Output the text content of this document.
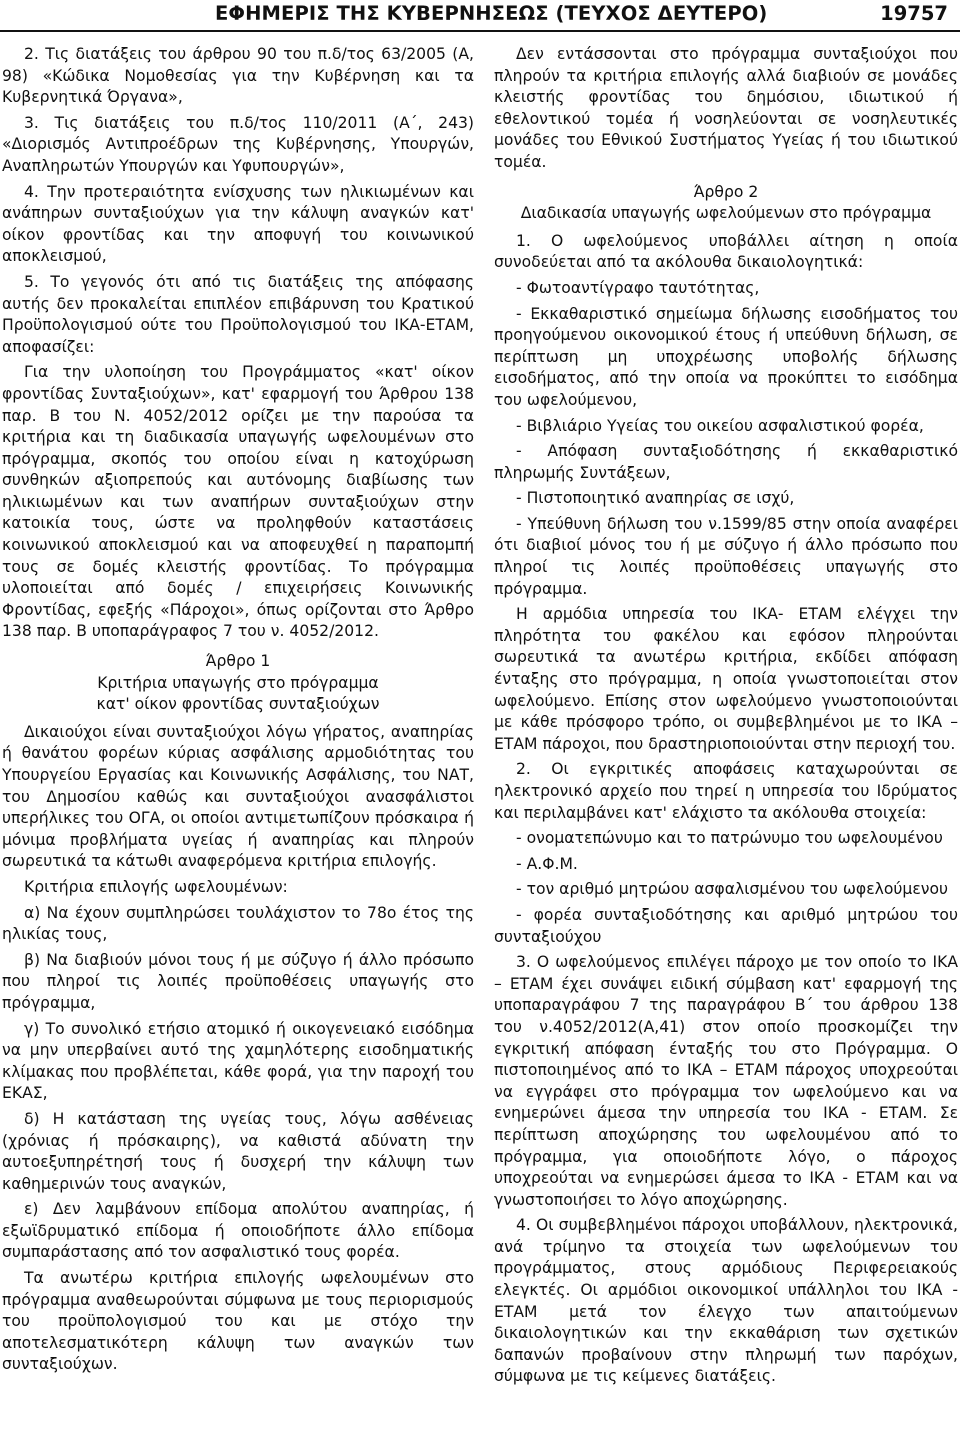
ΕΦΗΜΕΡΙΣ ΤΗΣ ΚΥΒΕΡΝΗΣΕΩΣ (ΤΕΥΧΟΣ ΔΕΥΤΕΡΟ)	19757

2. Τις διατάξεις του άρθρου 90 του π.δ/τος 63/2005 (Α, 98) «Κώδικα Νομοθεσίας για την Κυβέρνηση και τα Κυβερνητικά Όργανα»,

3. Τις διατάξεις του π.δ/τος 110/2011 (Α΄, 243) «Διορισμός Αντιπροέδρων της Κυβέρνησης, Υπουργών, Αναπληρωτών Υπουργών και Υφυπουργών»,

4. Την προτεραιότητα ενίσχυσης των ηλικιωμένων και ανάπηρων συνταξιούχων για την κάλυψη αναγκών κατ' οίκον φροντίδας και την αποφυγή του κοινωνικού αποκλεισμού,

5. Το γεγονός ότι από τις διατάξεις της απόφασης αυτής δεν προκαλείται επιπλέον επιβάρυνση του Κρατικού Προϋπολογισμού ούτε του Προϋπολογισμού του ΙΚΑ-ΕΤΑΜ, αποφασίζει:

Για την υλοποίηση του Προγράμματος «κατ' οίκον φροντίδας Συνταξιούχων», κατ' εφαρμογή του Άρθρου 138 παρ. Β του Ν. 4052/2012 ορίζει με την παρούσα τα κριτήρια και τη διαδικασία υπαγωγής ωφελουμένων στο πρόγραμμα, σκοπός του οποίου είναι η κατοχύρωση συνθηκών αξιοπρεπούς και αυτόνομης διαβίωσης των ηλικιωμένων και των αναπήρων συνταξιούχων στην κατοικία τους, ώστε να προληφθούν καταστάσεις κοινωνικού αποκλεισμού και να αποφευχθεί η παραπομπή τους σε δομές κλειστής φροντίδας. Το πρόγραμμα υλοποιείται από δομές / επιχειρήσεις Κοινωνικής Φροντίδας, εφεξής «Πάροχοι», όπως ορίζονται στο Άρθρο 138 παρ. Β υποπαράγραφος 7 του ν. 4052/2012.

Άρθρο 1
Κριτήρια υπαγωγής στο πρόγραμμα
κατ' οίκον φροντίδας συνταξιούχων

Δικαιούχοι είναι συνταξιούχοι λόγω γήρατος, αναπηρίας ή θανάτου φορέων κύριας ασφάλισης αρμοδιότητας του Υπουργείου Εργασίας και Κοινωνικής Ασφάλισης, του ΝΑΤ, του Δημοσίου καθώς και συνταξιούχοι ανασφάλιστοι υπερήλικες του ΟΓΑ, οι οποίοι αντιμετωπίζουν πρόσκαιρα ή μόνιμα προβλήματα υγείας ή αναπηρίας και πληρούν σωρευτικά τα κάτωθι αναφερόμενα κριτήρια επιλογής.

Κριτήρια επιλογής ωφελουμένων:

α) Να έχουν συμπληρώσει τουλάχιστον το 78ο έτος της ηλικίας τους,

β) Να διαβιούν μόνοι τους ή με σύζυγο ή άλλο πρόσωπο που πληροί τις λοιπές προϋποθέσεις υπαγωγής στο πρόγραμμα,

γ) Το συνολικό ετήσιο ατομικό ή οικογενειακό εισόδημα να μην υπερβαίνει αυτό της χαμηλότερης εισοδηματικής κλίμακας που προβλέπεται, κάθε φορά, για την παροχή του ΕΚΑΣ,

δ) Η κατάσταση της υγείας τους, λόγω ασθένειας (χρόνιας ή πρόσκαιρης), να καθιστά αδύνατη την αυτοεξυπηρέτησή τους ή δυσχερή την κάλυψη των καθημερινών τους αναγκών,

ε) Δεν λαμβάνουν επίδομα απολύτου αναπηρίας, ή εξωϊδρυματικό επίδομα ή οποιοδήποτε άλλο επίδομα συμπαράστασης από τον ασφαλιστικό τους φορέα.

Τα ανωτέρω κριτήρια επιλογής ωφελουμένων στο πρόγραμμα αναθεωρούνται σύμφωνα με τους περιορισμούς του προϋπολογισμού του και με στόχο την αποτελεσματικότερη κάλυψη των αναγκών των συνταξιούχων.

Δεν εντάσσονται στο πρόγραμμα συνταξιούχοι που πληρούν τα κριτήρια επιλογής αλλά διαβιούν σε μονάδες κλειστής φροντίδας του δημόσιου, ιδιωτικού ή εθελοντικού τομέα ή νοσηλεύονται σε νοσηλευτικές μονάδες του Εθνικού Συστήματος Υγείας ή του ιδιωτικού τομέα.

Άρθρο 2
Διαδικασία υπαγωγής ωφελούμενων στο πρόγραμμα

1. Ο ωφελούμενος υποβάλλει αίτηση η οποία συνοδεύεται από τα ακόλουθα δικαιολογητικά:

- Φωτοαντίγραφο ταυτότητας,

- Εκκαθαριστικό σημείωμα δήλωσης εισοδήματος του προηγούμενου οικονομικού έτους ή υπεύθυνη δήλωση, σε περίπτωση μη υποχρέωσης υποβολής δήλωσης εισοδήματος, από την οποία να προκύπτει το εισόδημα του ωφελούμενου,

- Βιβλιάριο Υγείας του οικείου ασφαλιστικού φορέα,

- Απόφαση συνταξιοδότησης ή εκκαθαριστικό πληρωμής Συντάξεων,

- Πιστοποιητικό αναπηρίας σε ισχύ,

- Υπεύθυνη δήλωση του ν.1599/85 στην οποία αναφέρει ότι διαβιοί μόνος του ή με σύζυγο ή άλλο πρόσωπο που πληροί τις λοιπές προϋποθέσεις υπαγωγής στο πρόγραμμα.

Η αρμόδια υπηρεσία του ΙΚΑ- ΕΤΑΜ ελέγχει την πληρότητα του φακέλου και εφόσον πληρούνται σωρευτικά τα ανωτέρω κριτήρια, εκδίδει απόφαση ένταξης στο πρόγραμμα, η οποία γνωστοποιείται στον ωφελούμενο. Επίσης στον ωφελούμενο γνωστοποιούνται με κάθε πρόσφορο τρόπο, οι συμβεβλημένοι με το ΙΚΑ –ΕΤΑΜ πάροχοι, που δραστηριοποιούνται στην περιοχή του.

2. Οι εγκριτικές αποφάσεις καταχωρούνται σε ηλεκτρονικό αρχείο που τηρεί η υπηρεσία του Ιδρύματος και περιλαμβάνει κατ' ελάχιστο τα ακόλουθα στοιχεία:

- ονοματεπώνυμο και το πατρώνυμο του ωφελουμένου

- Α.Φ.Μ.

- τον αριθμό μητρώου ασφαλισμένου του ωφελούμενου

- φορέα συνταξιοδότησης και αριθμό μητρώου του συνταξιούχου

3. Ο ωφελούμενος επιλέγει πάροχο με τον οποίο το ΙΚΑ – ΕΤΑΜ έχει συνάψει ειδική σύμβαση κατ' εφαρμογή της υποπαραγράφου 7 της παραγράφου Β΄ του άρθρου 138 του ν.4052/2012(Α,41) στον οποίο προσκομίζει την εγκριτική απόφαση ένταξής του στο Πρόγραμμα. Ο πιστοποιημένος από το ΙΚΑ – ΕΤΑΜ πάροχος υποχρεούται να εγγράφει στο πρόγραμμα τον ωφελούμενο και να ενημερώνει άμεσα την υπηρεσία του ΙΚΑ - ΕΤΑΜ. Σε περίπτωση αποχώρησης του ωφελουμένου από το πρόγραμμα, για οποιοδήποτε λόγο, ο πάροχος υποχρεούται να ενημερώσει άμεσα το ΙΚΑ - ΕΤΑΜ και να γνωστοποιήσει το λόγο αποχώρησης.

4. Οι συμβεβλημένοι πάροχοι υποβάλλουν, ηλεκτρονικά, ανά τρίμηνο τα στοιχεία των ωφελούμενων του προγράμματος, στους αρμόδιους Περιφερειακούς ελεγκτές. Οι αρμόδιοι οικονομικοί υπάλληλοι του ΙΚΑ - ΕΤΑΜ μετά τον έλεγχο των απαιτούμενων δικαιολογητικών και την εκκαθάριση των σχετικών δαπανών προβαίνουν στην πληρωμή των παρόχων, σύμφωνα με τις κείμενες διατάξεις.
